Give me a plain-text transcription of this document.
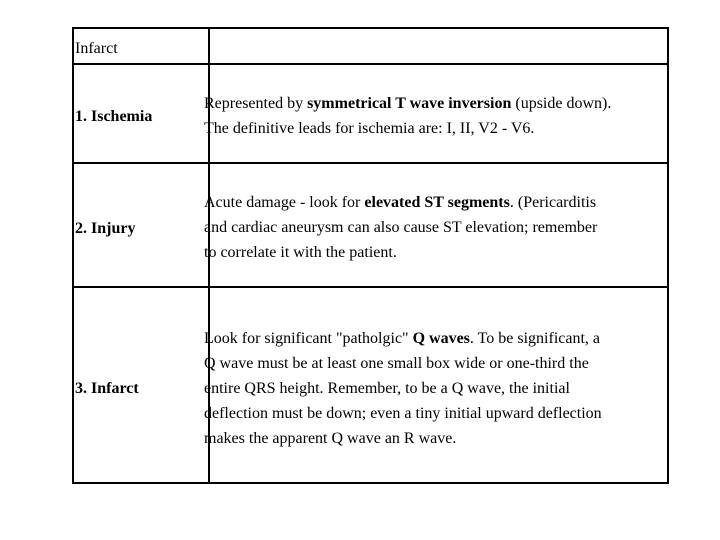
Infarct
1. Ischemia
Represented by symmetrical T wave inversion (upside down).
The definitive leads for ischemia are: I, II, V2 - V6.
2. Injury
Acute damage - look for elevated ST segments. (Pericarditis
and cardiac aneurysm can also cause ST elevation; remember
to correlate it with the patient.
3. Infarct
Look for significant "patholgic" Q waves. To be significant, a
Q wave must be at least one small box wide or one-third the
entire QRS height. Remember, to be a Q wave, the initial
deflection must be down; even a tiny initial upward deflection
makes the apparent Q wave an R wave.
